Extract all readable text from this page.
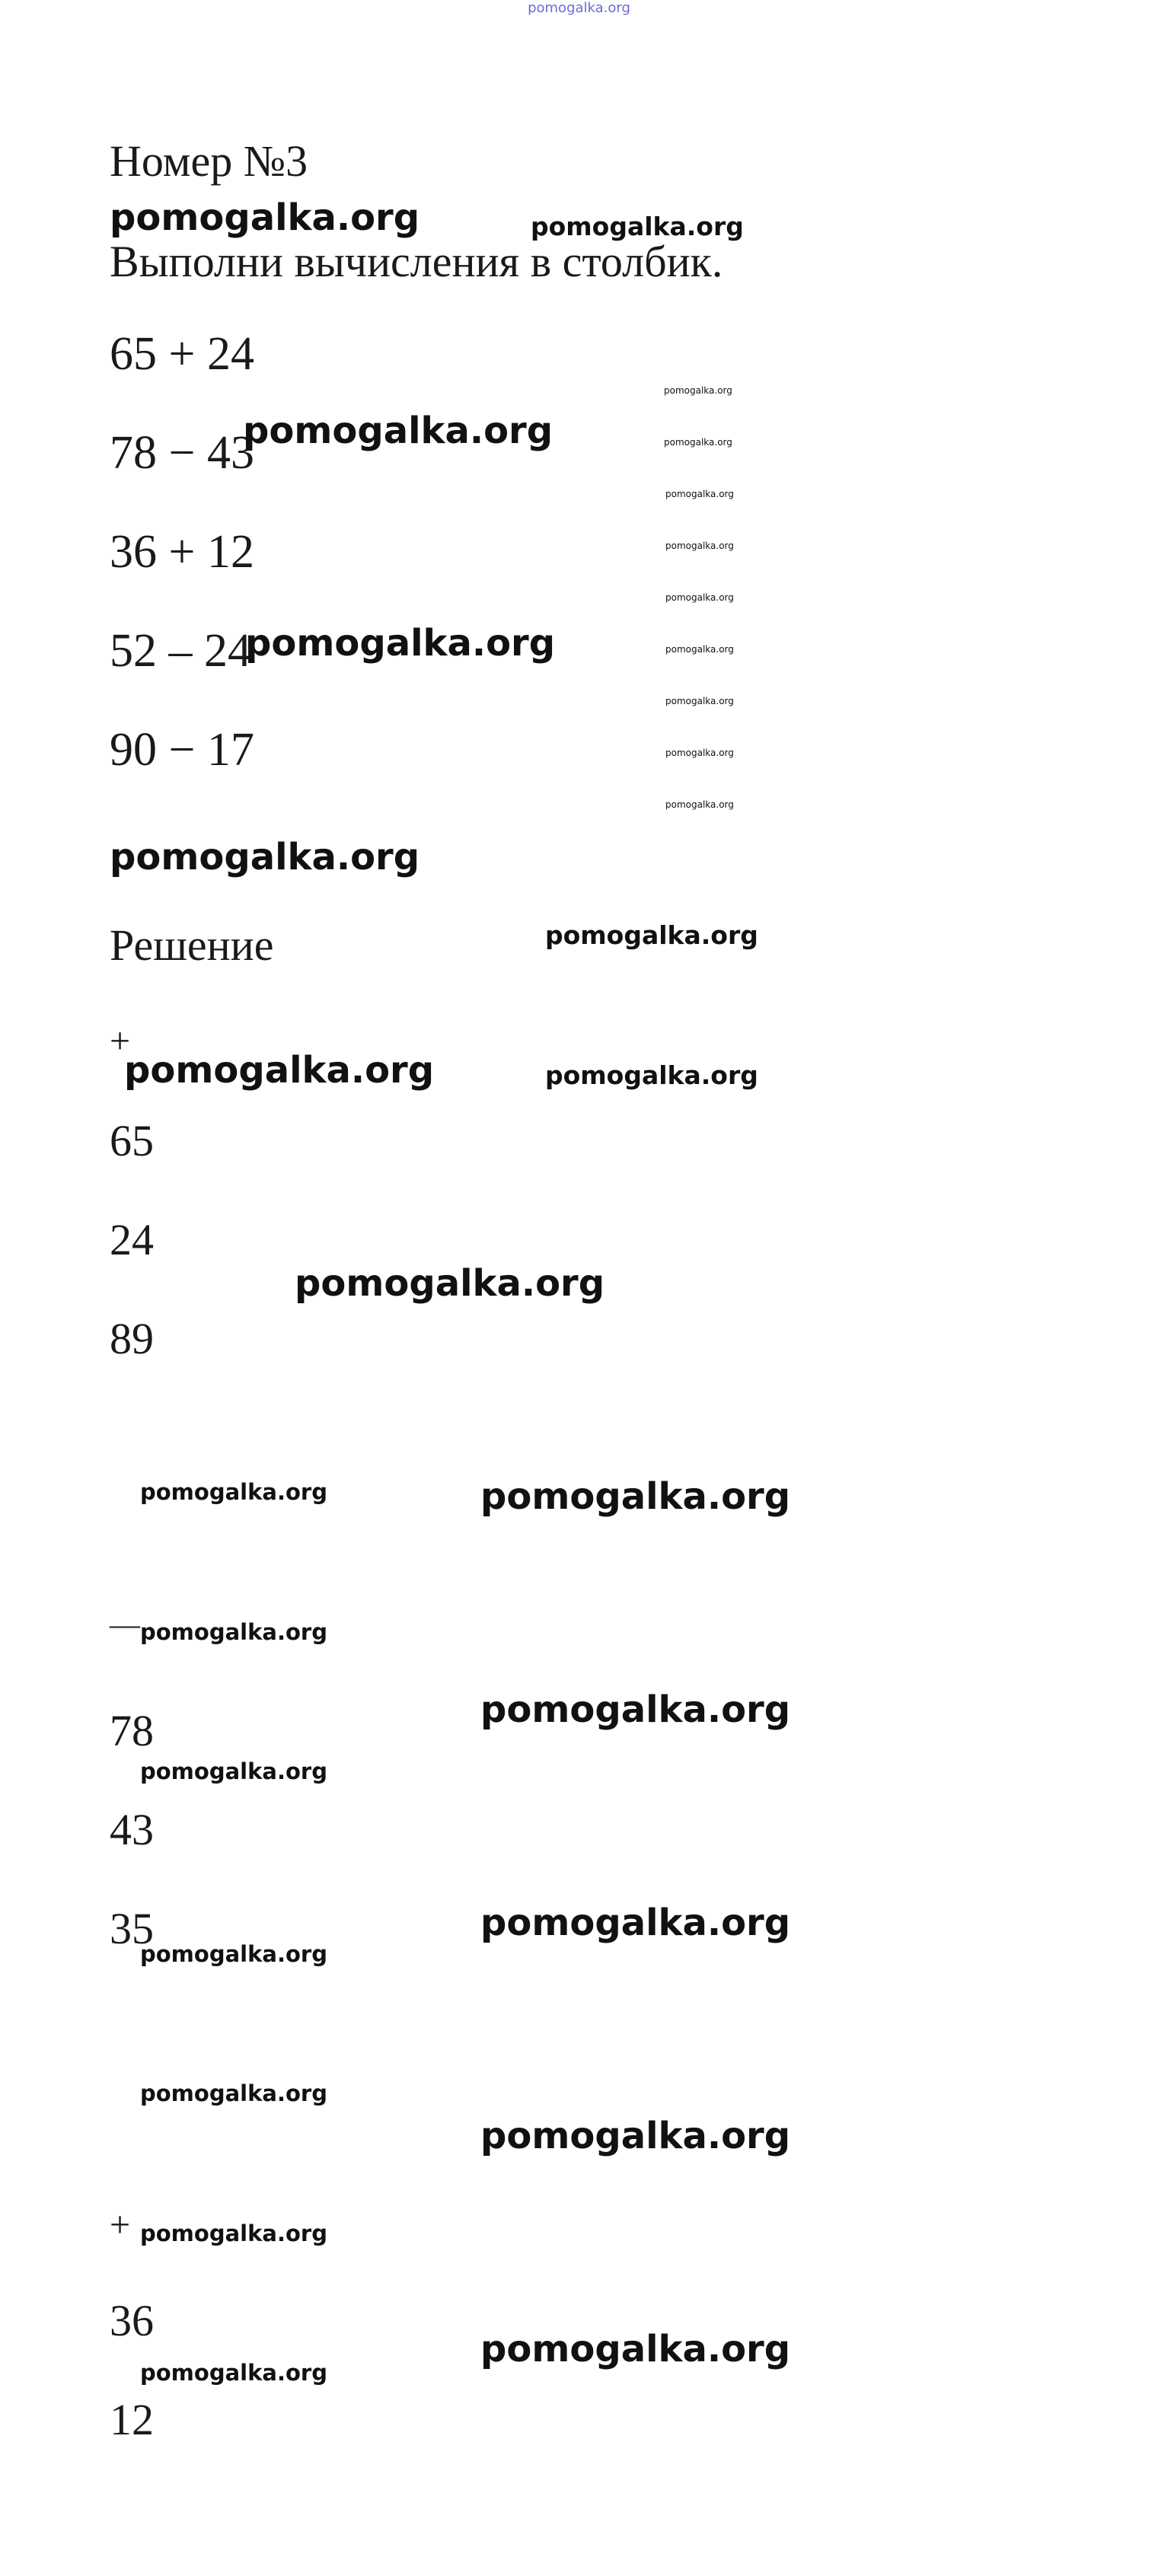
pomogalka.org
Номер №3
Выполни вычисления в столбик.
65 + 24
78 − 43
36 + 12
52 – 24
90 − 17
Решение
+
65
24
89
—
78
43
35
+
36
12
pomogalka.org	pomogalka.org
pomogalka.org
pomogalka.org
pomogalka.org
pomogalka.org
pomogalka.org	pomogalka.org
pomogalka.org
pomogalka.org	pomogalka.org
pomogalka.org
pomogalka.org
pomogalka.org
pomogalka.org
pomogalka.org
pomogalka.org
pomogalka.org
pomogalka.org
pomogalka.org
pomogalka.org
pomogalka.org
pomogalka.org
pomogalka.org
pomogalka.org
pomogalka.org
pomogalka.org
pomogalka.org
pomogalka.org
pomogalka.org
